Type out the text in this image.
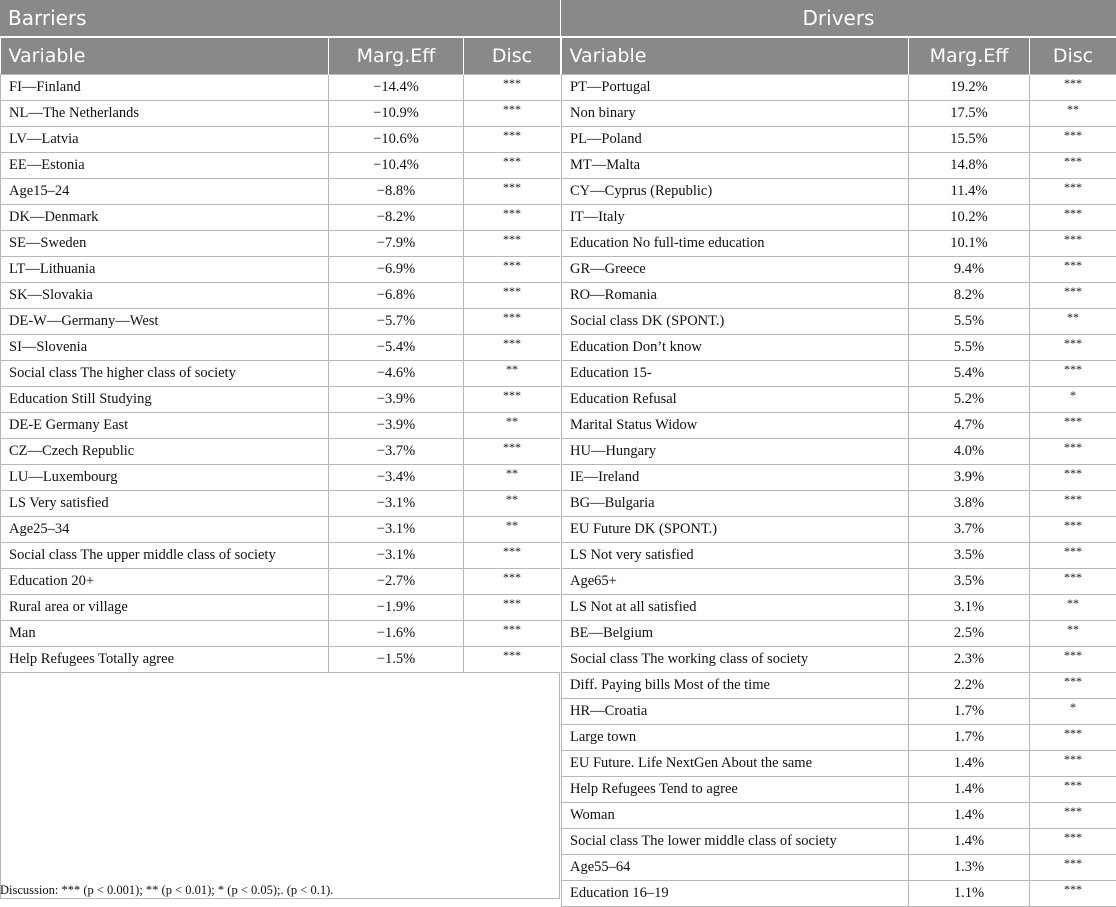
Barriers
Variable	Marg.Eff	Disc
FI—Finland	−14.4%	***
NL—The Netherlands	−10.9%	***
LV—Latvia	−10.6%	***
EE—Estonia	−10.4%	***
Age15–24	−8.8%	***
DK—Denmark	−8.2%	***
SE—Sweden	−7.9%	***
LT—Lithuania	−6.9%	***
SK—Slovakia	−6.8%	***
DE-W—Germany—West	−5.7%	***
SI—Slovenia	−5.4%	***
Social class The higher class of society	−4.6%	**
Education Still Studying	−3.9%	***
DE-E Germany East	−3.9%	**
CZ—Czech Republic	−3.7%	***
LU—Luxembourg	−3.4%	**
LS Very satisfied	−3.1%	**
Age25–34	−3.1%	**
Social class The upper middle class of society	−3.1%	***
Education 20+	−2.7%	***
Rural area or village	−1.9%	***
Man	−1.6%	***
Help Refugees Totally agree	−1.5%	***
Drivers
Variable	Marg.Eff	Disc
PT—Portugal	19.2%	***
Non binary	17.5%	**
PL—Poland	15.5%	***
MT—Malta	14.8%	***
CY—Cyprus (Republic)	11.4%	***
IT—Italy	10.2%	***
Education No full-time education	10.1%	***
GR—Greece	9.4%	***
RO—Romania	8.2%	***
Social class DK (SPONT.)	5.5%	**
Education Don’t know	5.5%	***
Education 15-	5.4%	***
Education Refusal	5.2%	*
Marital Status Widow	4.7%	***
HU—Hungary	4.0%	***
IE—Ireland	3.9%	***
BG—Bulgaria	3.8%	***
EU Future DK (SPONT.)	3.7%	***
LS Not very satisfied	3.5%	***
Age65+	3.5%	***
LS Not at all satisfied	3.1%	**
BE—Belgium	2.5%	**
Social class The working class of society	2.3%	***
Diff. Paying bills Most of the time	2.2%	***
HR—Croatia	1.7%	*
Large town	1.7%	***
EU Future. Life NextGen About the same	1.4%	***
Help Refugees Tend to agree	1.4%	***
Woman	1.4%	***
Social class The lower middle class of society	1.4%	***
Age55–64	1.3%	***
Education 16–19	1.1%	***
Discussion: *** (p < 0.001); ** (p < 0.01); * (p < 0.05);. (p < 0.1).
